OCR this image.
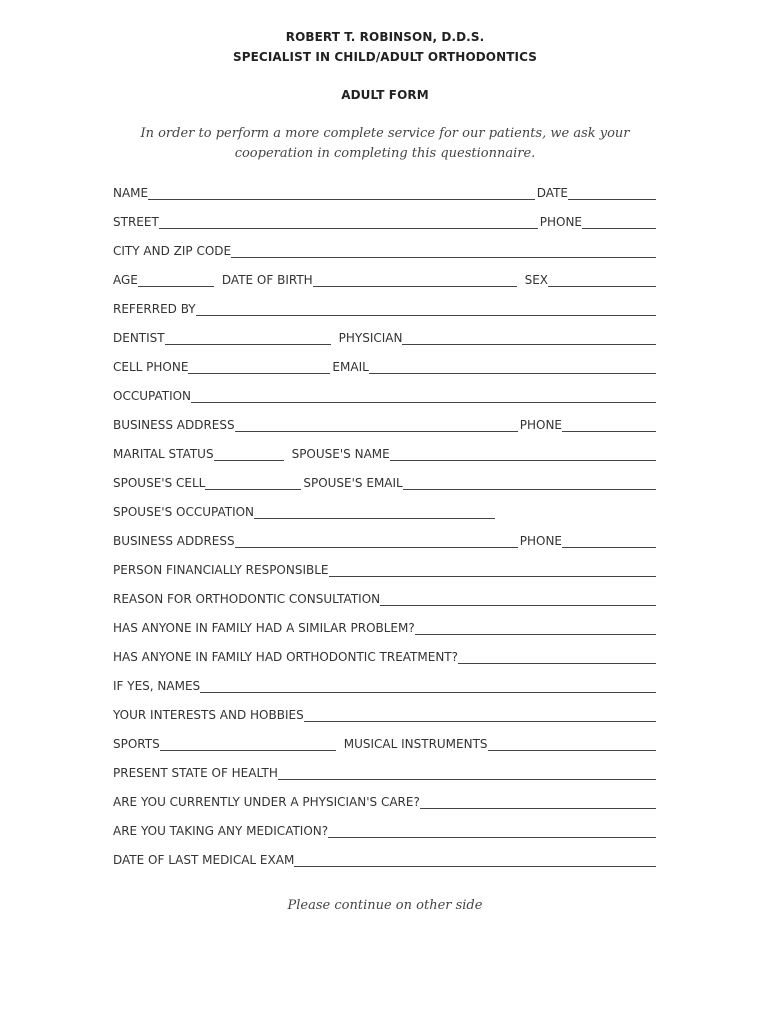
ROBERT T. ROBINSON, D.D.S.
SPECIALIST IN CHILD/ADULT ORTHODONTICS
ADULT FORM
In order to perform a more complete service for our patients, we ask your cooperation in completing this questionnaire.
NAME	DATE
STREET	PHONE
CITY AND ZIP CODE
AGE	DATE OF BIRTH	SEX
REFERRED BY
DENTIST	PHYSICIAN
CELL PHONE	EMAIL
OCCUPATION
BUSINESS ADDRESS	PHONE
MARITAL STATUS	SPOUSE'S NAME
SPOUSE'S CELL	SPOUSE'S EMAIL
SPOUSE'S OCCUPATION
BUSINESS ADDRESS	PHONE
PERSON FINANCIALLY RESPONSIBLE
REASON FOR ORTHODONTIC CONSULTATION
HAS ANYONE IN FAMILY HAD A SIMILAR PROBLEM?
HAS ANYONE IN FAMILY HAD ORTHODONTIC TREATMENT?
IF YES, NAMES
YOUR INTERESTS AND HOBBIES
SPORTS	MUSICAL INSTRUMENTS
PRESENT STATE OF HEALTH
ARE YOU CURRENTLY UNDER A PHYSICIAN'S CARE?
ARE YOU TAKING ANY MEDICATION?
DATE OF LAST MEDICAL EXAM
Please continue on other side
